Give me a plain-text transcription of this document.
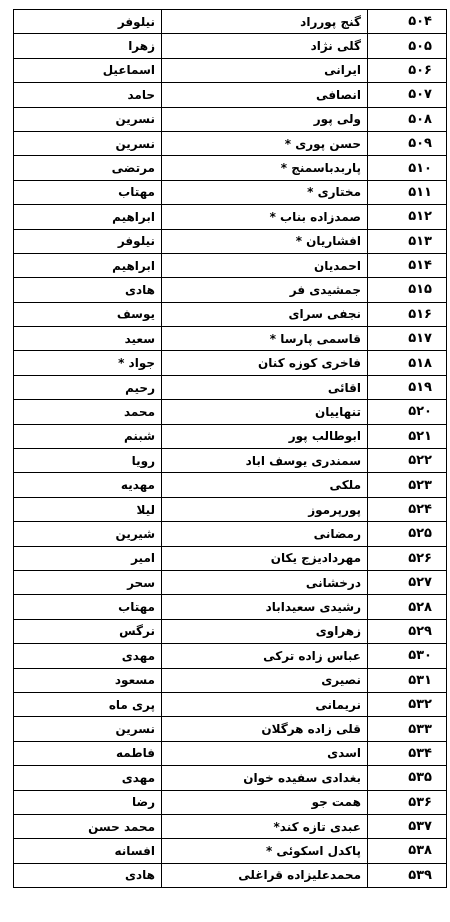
۵۰۴	گنج پورراد	نیلوفر
۵۰۵	گلی نژاد	زهرا
۵۰۶	ایرانی	اسماعیل
۵۰۷	انصافی	حامد
۵۰۸	ولی پور	نسرین
۵۰۹	حسن پوری *	نسرین
۵۱۰	پاربدباسمنج *	مرتضی
۵۱۱	مختاری *	مهتاب
۵۱۲	صمدزاده بناب *	ابراهیم
۵۱۳	افشاریان *	نیلوفر
۵۱۴	احمدیان	ابراهیم
۵۱۵	جمشیدی فر	هادی
۵۱۶	نجفی سرای	یوسف
۵۱۷	قاسمی پارسا *	سعید
۵۱۸	فاخری کوزه کنان	جواد *
۵۱۹	اقائی	رحیم
۵۲۰	تنهاییان	محمد
۵۲۱	ابوطالب پور	شبنم
۵۲۲	سمندری یوسف اباد	رویا
۵۲۳	ملکی	مهدیه
۵۲۴	پورپرموز	لیلا
۵۲۵	رمضانی	شیرین
۵۲۶	مهردادیزج یکان	امیر
۵۲۷	درخشانی	سحر
۵۲۸	رشیدی سعیداباد	مهتاب
۵۲۹	زهراوی	نرگس
۵۳۰	عباس زاده ترکی	مهدی
۵۳۱	نصیری	مسعود
۵۳۲	نریمانی	پری ماه
۵۳۳	قلی زاده هرگلان	نسرین
۵۳۴	اسدی	فاطمه
۵۳۵	بغدادی سفیده خوان	مهدی
۵۳۶	همت جو	رضا
۵۳۷	عبدی تازه کند*	محمد حسن
۵۳۸	پاکدل اسکوئی *	افسانه
۵۳۹	محمدعلیزاده قراغلی	هادی
